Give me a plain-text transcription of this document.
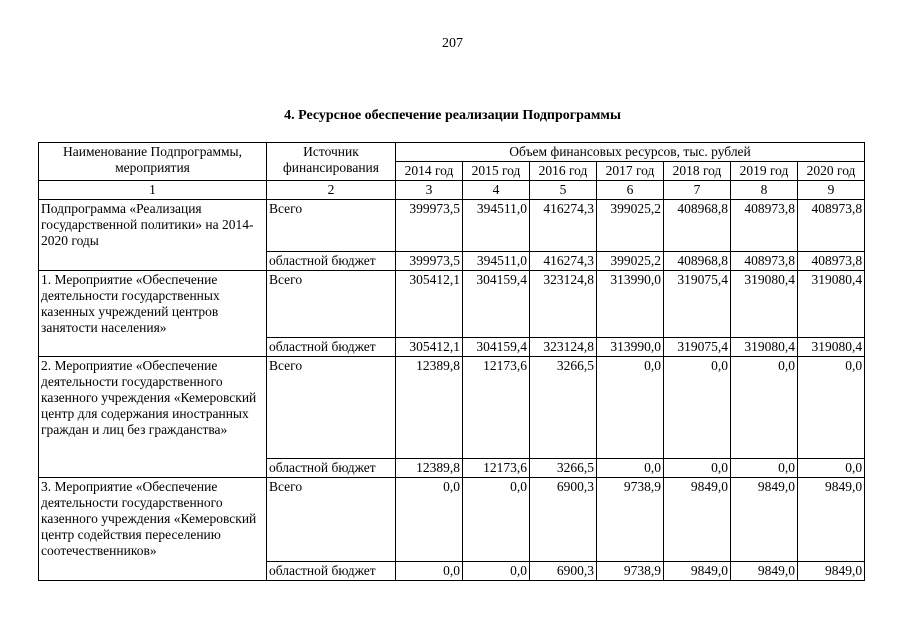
207
4. Ресурсное обеспечение реализации Подпрограммы
Наименование Подпрограммы, мероприятия	Источник финансирования	Объем финансовых ресурсов, тыс. рублей						
		2014 год	2015 год	2016 год	2017 год	2018 год	2019 год	2020 год
1	2	3	4	5	6	7	8	9
Подпрограмма «Реализация государственной политики» на 2014-2020 годы	Всего	399973,5	394511,0	416274,3	399025,2	408968,8	408973,8	408973,8
	областной бюджет	399973,5	394511,0	416274,3	399025,2	408968,8	408973,8	408973,8
1. Мероприятие «Обеспечение деятельности государственных казенных учреждений центров занятости населения»	Всего	305412,1	304159,4	323124,8	313990,0	319075,4	319080,4	319080,4
	областной бюджет	305412,1	304159,4	323124,8	313990,0	319075,4	319080,4	319080,4
2. Мероприятие «Обеспечение деятельности государственного казенного учреждения «Кемеровский центр для содержания иностранных граждан и лиц без гражданства»	Всего	12389,8	12173,6	3266,5	0,0	0,0	0,0	0,0
	областной бюджет	12389,8	12173,6	3266,5	0,0	0,0	0,0	0,0
3. Мероприятие «Обеспечение деятельности государственного казенного учреждения «Кемеровский центр содействия переселению соотечественников»	Всего	0,0	0,0	6900,3	9738,9	9849,0	9849,0	9849,0
	областной бюджет	0,0	0,0	6900,3	9738,9	9849,0	9849,0	9849,0
